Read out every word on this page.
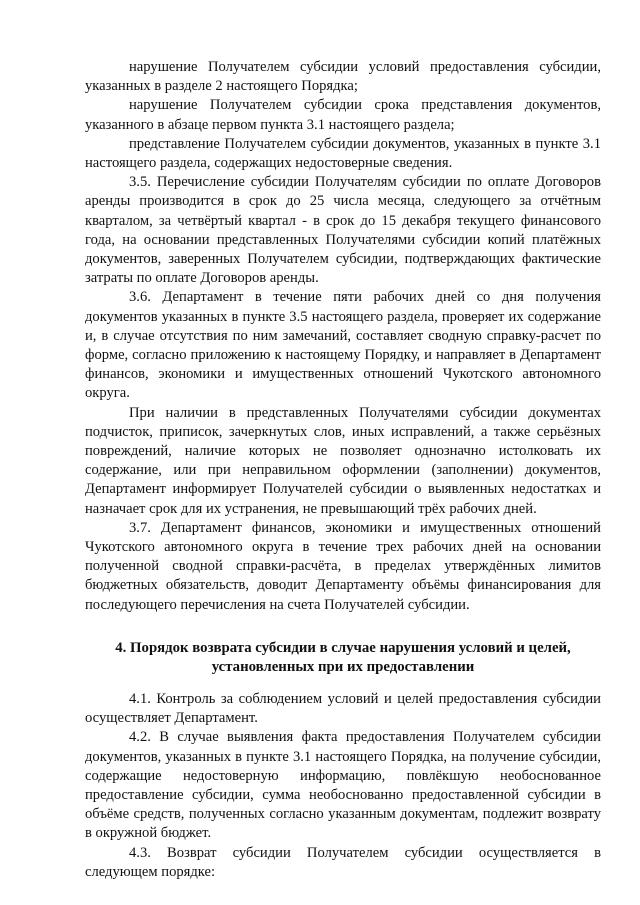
нарушение Получателем субсидии условий предоставления субсидии, указанных в разделе 2 настоящего Порядка;

нарушение Получателем субсидии срока представления документов, указанного в абзаце первом пункта 3.1 настоящего раздела;

представление Получателем субсидии документов, указанных в пункте 3.1 настоящего раздела, содержащих недостоверные сведения.

3.5. Перечисление субсидии Получателям субсидии по оплате Договоров аренды производится в срок до 25 числа месяца, следующего за отчётным кварталом, за четвёртый квартал - в срок до 15 декабря текущего финансового года, на основании представленных Получателями субсидии копий платёжных документов, заверенных Получателем субсидии, подтверждающих фактические затраты по оплате Договоров аренды.

3.6. Департамент в течение пяти рабочих дней со дня получения документов указанных в пункте 3.5 настоящего раздела, проверяет их содержание и, в случае отсутствия по ним замечаний, составляет сводную справку-расчет по форме, согласно приложению к настоящему Порядку, и направляет в Департамент финансов, экономики и имущественных отношений Чукотского автономного округа.

При наличии в представленных Получателями субсидии документах подчисток, приписок, зачеркнутых слов, иных исправлений, а также серьёзных повреждений, наличие которых не позволяет однозначно истолковать их содержание, или при неправильном оформлении (заполнении) документов, Департамент информирует Получателей субсидии о выявленных недостатках и назначает срок для их устранения, не превышающий трёх рабочих дней.

3.7. Департамент финансов, экономики и имущественных отношений Чукотского автономного округа в течение трех рабочих дней на основании полученной сводной справки-расчёта, в пределах утверждённых лимитов бюджетных обязательств, доводит Департаменту объёмы финансирования для последующего перечисления на счета Получателей субсидии.

4. Порядок возврата субсидии в случае нарушения условий и целей,
установленных при их предоставлении

4.1. Контроль за соблюдением условий и целей предоставления субсидии осуществляет Департамент.

4.2. В случае выявления факта предоставления Получателем субсидии документов, указанных в пункте 3.1 настоящего Порядка, на получение субсидии, содержащие недостоверную информацию, повлёкшую необоснованное предоставление субсидии, сумма необоснованно предоставленной субсидии в объёме средств, полученных согласно указанным документам, подлежит возврату в окружной бюджет.

4.3. Возврат субсидии Получателем субсидии осуществляется в следующем порядке:
